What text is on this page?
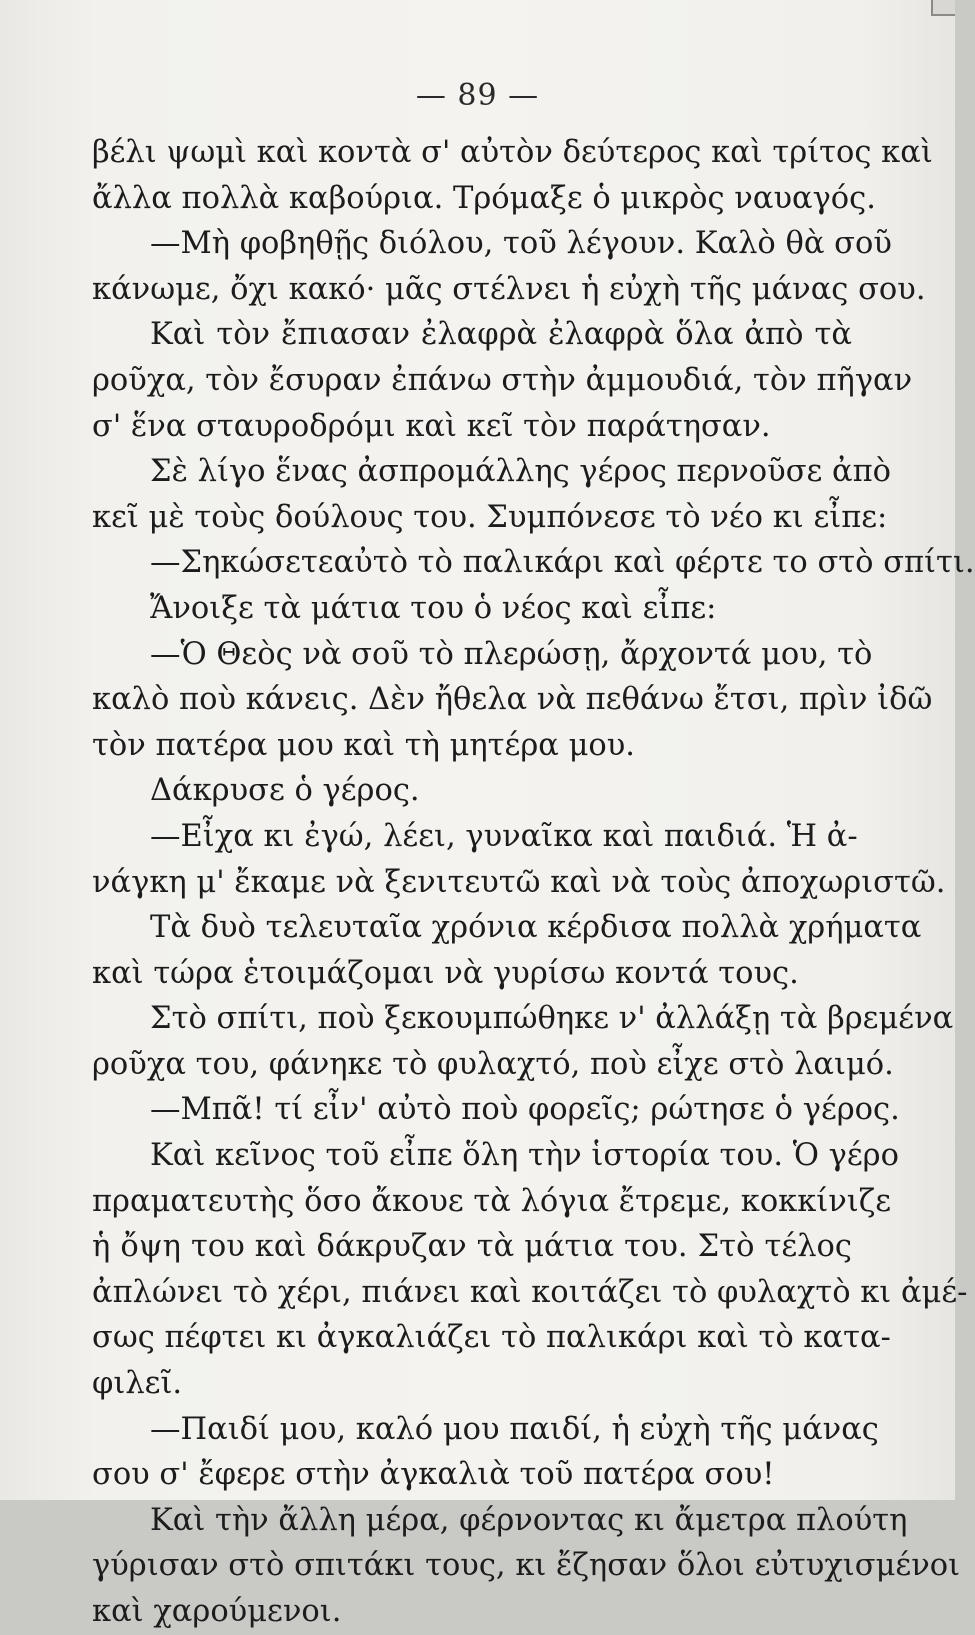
— 89 —
βέλι ψωμὶ καὶ κοντὰ σ' αὐτὸν δεύτερος καὶ τρίτος καὶ
ἄλλα πολλὰ καβούρια. Τρόμαξε ὁ μικρὸς ναυαγός.
—Μὴ φοβηθῇς διόλου, τοῦ λέγουν. Καλὸ θὰ σοῦ
κάνωμε, ὄχι κακό· μᾶς στέλνει ἡ εὐχὴ τῆς μάνας σου.
Καὶ τὸν ἔπιασαν ἐλαφρὰ ἐλαφρὰ ὅλα ἀπὸ τὰ
ροῦχα, τὸν ἔσυραν ἐπάνω στὴν ἀμμουδιά, τὸν πῆγαν
σ' ἕνα σταυροδρόμι καὶ κεῖ τὸν παράτησαν.
Σὲ λίγο ἕνας ἀσπρομάλλης γέρος περνοῦσε ἀπὸ
κεῖ μὲ τοὺς δούλους του. Συμπόνεσε τὸ νέο κι εἶπε:
—Σηκώσετεαὐτὸ τὸ παλικάρι καὶ φέρτε το στὸ σπίτι.
Ἄνοιξε τὰ μάτια του ὁ νέος καὶ εἶπε:
—Ὁ Θεὸς νὰ σοῦ τὸ πλερώσῃ, ἄρχοντά μου, τὸ
καλὸ ποὺ κάνεις. Δὲν ἤθελα νὰ πεθάνω ἔτσι, πρὶν ἰδῶ
τὸν πατέρα μου καὶ τὴ μητέρα μου.
Δάκρυσε ὁ γέρος.
—Εἶχα κι ἐγώ, λέει, γυναῖκα καὶ παιδιά. Ἡ ἀ-
νάγκη μ' ἔκαμε νὰ ξενιτευτῶ καὶ νὰ τοὺς ἀποχωριστῶ.
Τὰ δυὸ τελευταῖα χρόνια κέρδισα πολλὰ χρήματα
καὶ τώρα ἑτοιμάζομαι νὰ γυρίσω κοντά τους.
Στὸ σπίτι, ποὺ ξεκουμπώθηκε ν' ἀλλάξῃ τὰ βρεμένα
ροῦχα του, φάνηκε τὸ φυλαχτό, ποὺ εἶχε στὸ λαιμό.
—Μπᾶ! τί εἶν' αὐτὸ ποὺ φορεῖς; ρώτησε ὁ γέρος.
Καὶ κεῖνος τοῦ εἶπε ὅλη τὴν ἱστορία του. Ὁ γέρο
πραματευτὴς ὅσο ἄκουε τὰ λόγια ἔτρεμε, κοκκίνιζε
ἡ ὄψη του καὶ δάκρυζαν τὰ μάτια του. Στὸ τέλος
ἀπλώνει τὸ χέρι, πιάνει καὶ κοιτάζει τὸ φυλαχτὸ κι ἀμέ-
σως πέφτει κι ἀγκαλιάζει τὸ παλικάρι καὶ τὸ κατα-
φιλεῖ.
—Παιδί μου, καλό μου παιδί, ἡ εὐχὴ τῆς μάνας
σου σ' ἔφερε στὴν ἀγκαλιὰ τοῦ πατέρα σου!
Καὶ τὴν ἄλλη μέρα, φέρνοντας κι ἄμετρα πλούτη
γύρισαν στὸ σπιτάκι τους, κι ἔζησαν ὅλοι εὐτυχισμένοι
καὶ χαρούμενοι.
